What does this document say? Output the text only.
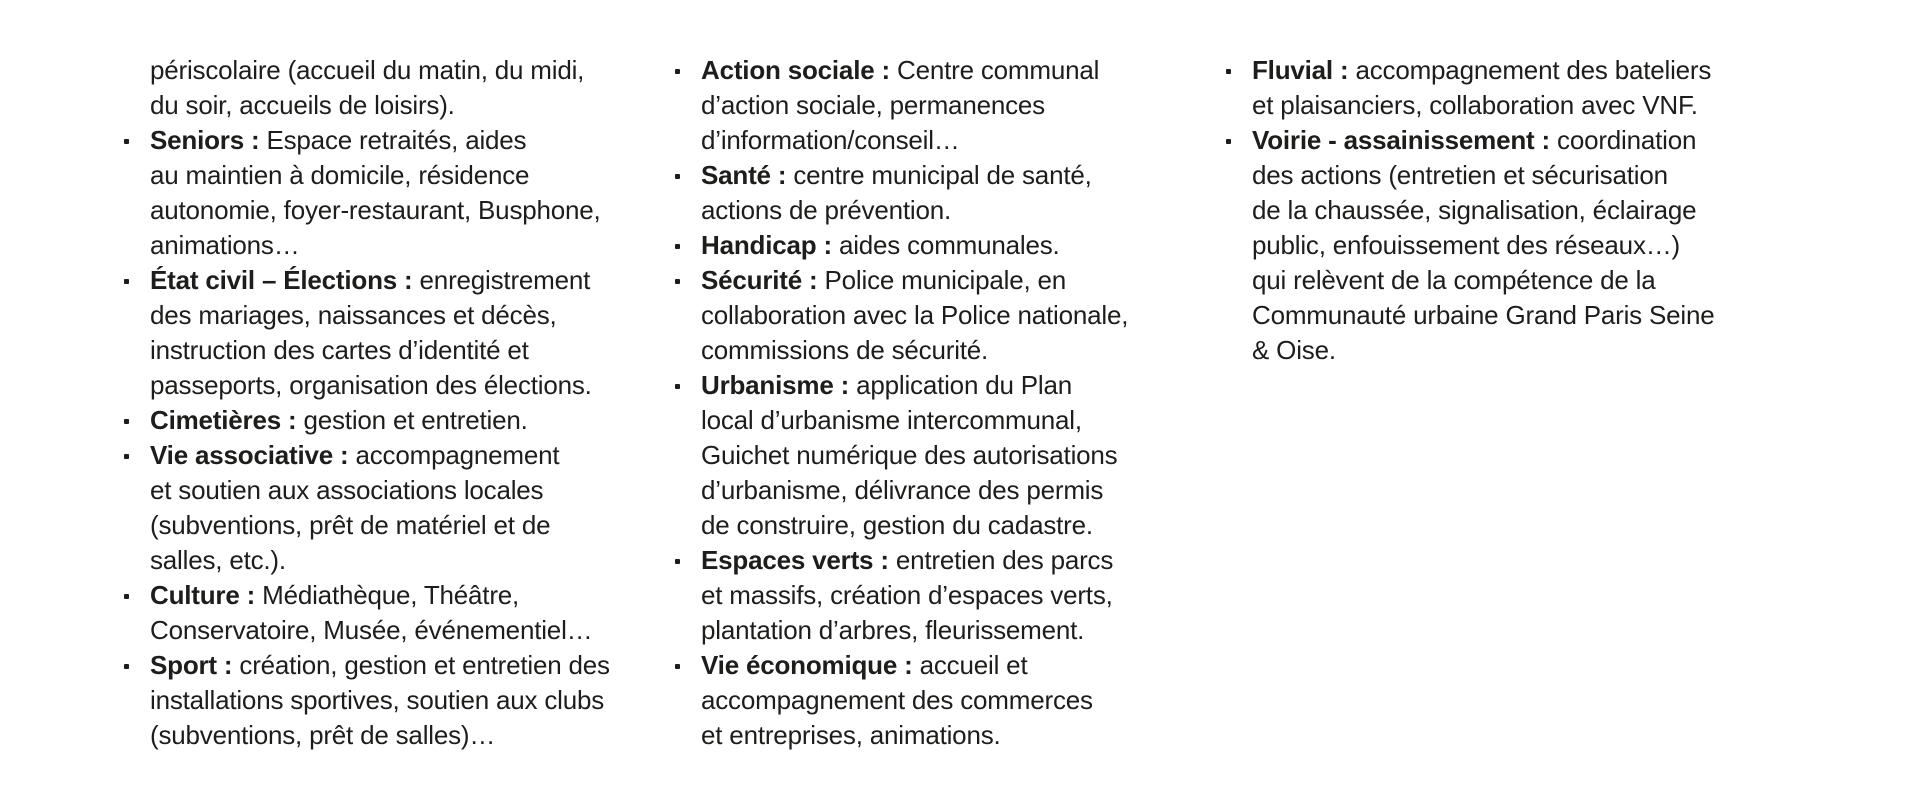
périscolaire (accueil du matin, du midi,
du soir, accueils de loisirs).

Seniors : Espace retraités, aides
au maintien à domicile, résidence
autonomie, foyer-restaurant, Busphone,
animations…
État civil – Élections : enregistrement
des mariages, naissances et décès,
instruction des cartes d’identité et
passeports, organisation des élections.
Cimetières : gestion et entretien.
Vie associative : accompagnement
et soutien aux associations locales
(subventions, prêt de matériel et de
salles, etc.).
Culture : Médiathèque, Théâtre,
Conservatoire, Musée, événementiel…
Sport : création, gestion et entretien des
installations sportives, soutien aux clubs
(subventions, prêt de salles)…
Action sociale : Centre communal
d’action sociale, permanences
d’information/conseil…
Santé : centre municipal de santé,
actions de prévention.
Handicap : aides communales.
Sécurité : Police municipale, en
collaboration avec la Police nationale,
commissions de sécurité.
Urbanisme : application du Plan
local d’urbanisme intercommunal,
Guichet numérique des autorisations
d’urbanisme, délivrance des permis
de construire, gestion du cadastre.
Espaces verts : entretien des parcs
et massifs, création d’espaces verts,
plantation d’arbres, fleurissement.
Vie économique : accueil et
accompagnement des commerces
et entreprises, animations.
Fluvial : accompagnement des bateliers
et plaisanciers, collaboration avec VNF.
Voirie - assainissement : coordination
des actions (entretien et sécurisation
de la chaussée, signalisation, éclairage
public, enfouissement des réseaux…)
qui relèvent de la compétence de la
Communauté urbaine Grand Paris Seine
& Oise.
